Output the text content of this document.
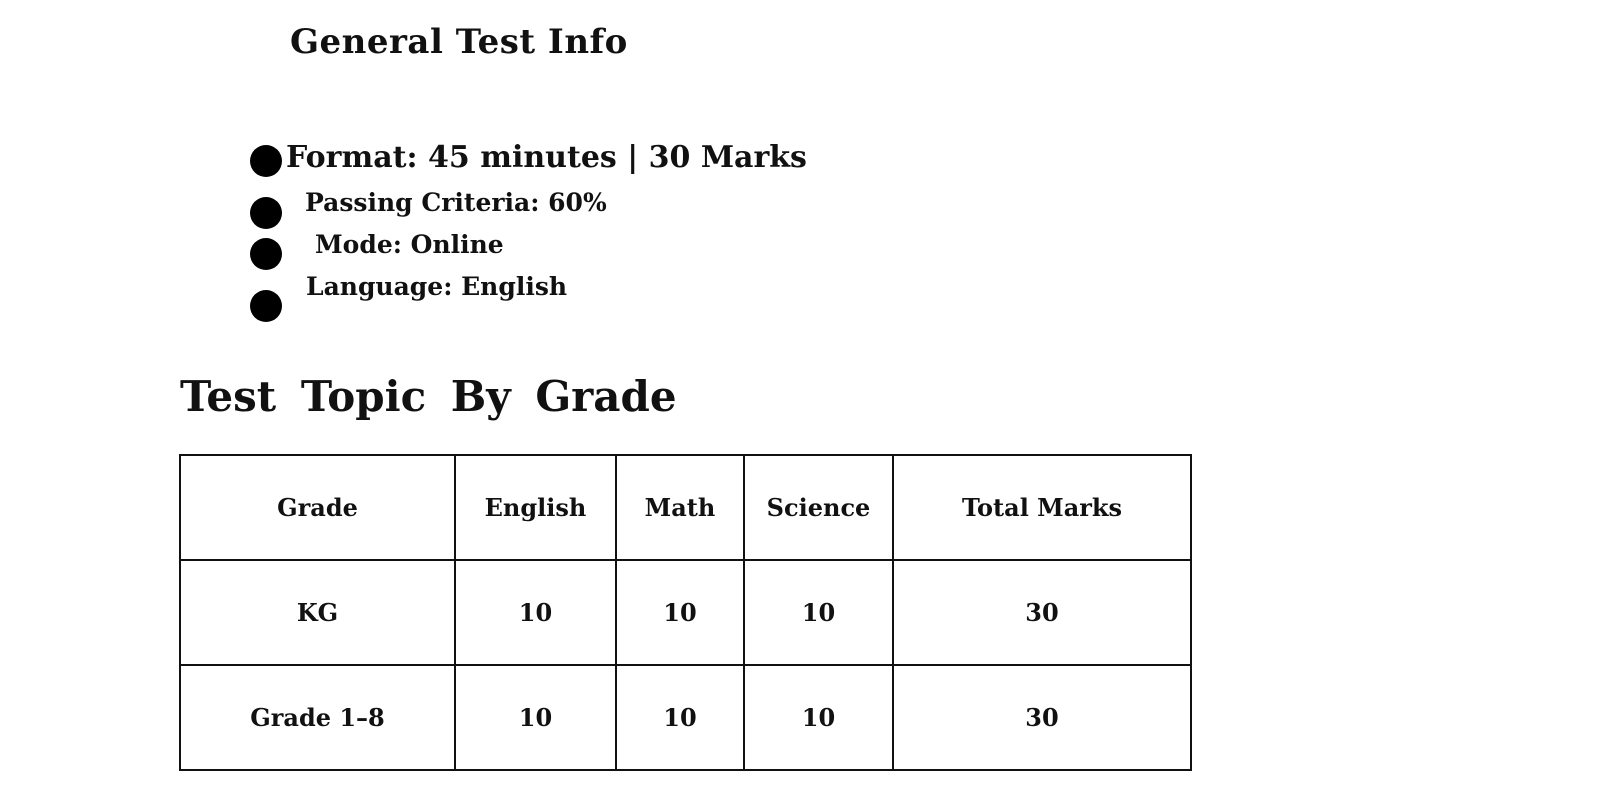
General Test Info
Format: 45 minutes | 30 Marks
Passing Criteria: 60%
Mode: Online
Language: English
Test Topic By Grade
Grade	English	Math	Science	Total Marks
KG	10	10	10	30
Grade 1–8	10	10	10	30
